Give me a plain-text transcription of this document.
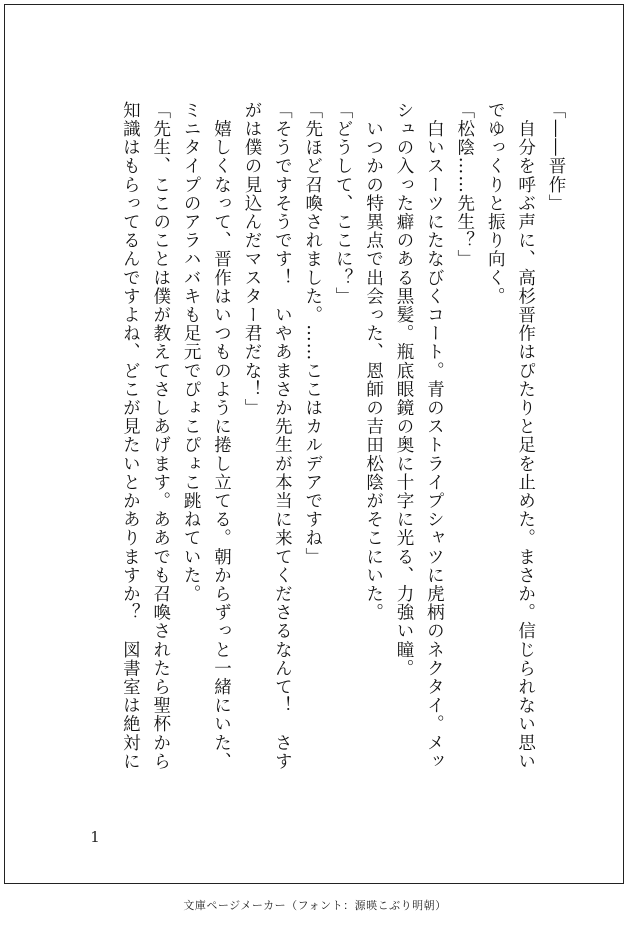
「――晋作」
　自分を呼ぶ声に、高杉晋作はぴたりと足を止めた。まさか。信じられない思い
でゆっくりと振り向く。
「松陰……先生？」
　白いスーツにたなびくコート。青のストライプシャツに虎柄のネクタイ。メッ
シュの入った癖のある黒髪。瓶底眼鏡の奥に十字に光る、力強い瞳。
　いつかの特異点で出会った、恩師の吉田松陰がそこにいた。
「どうして、ここに？」
「先ほど召喚されました。……ここはカルデアですね」
「そうですそうです！　いやあまさか先生が本当に来てくださるなんて！　さす
がは僕の見込んだマスター君だな！」
　嬉しくなって、晋作はいつものように捲し立てる。朝からずっと一緒にいた、
ミニタイプのアラハバキも足元でぴょこぴょこ跳ねていた。
「先生、ここのことは僕が教えてさしあげます。ああでも召喚されたら聖杯から
知識はもらってるんですよね、どこが見たいとかありますか？　図書室は絶対に
1
文庫ページメーカー（フォント：源暎こぶり明朝）
